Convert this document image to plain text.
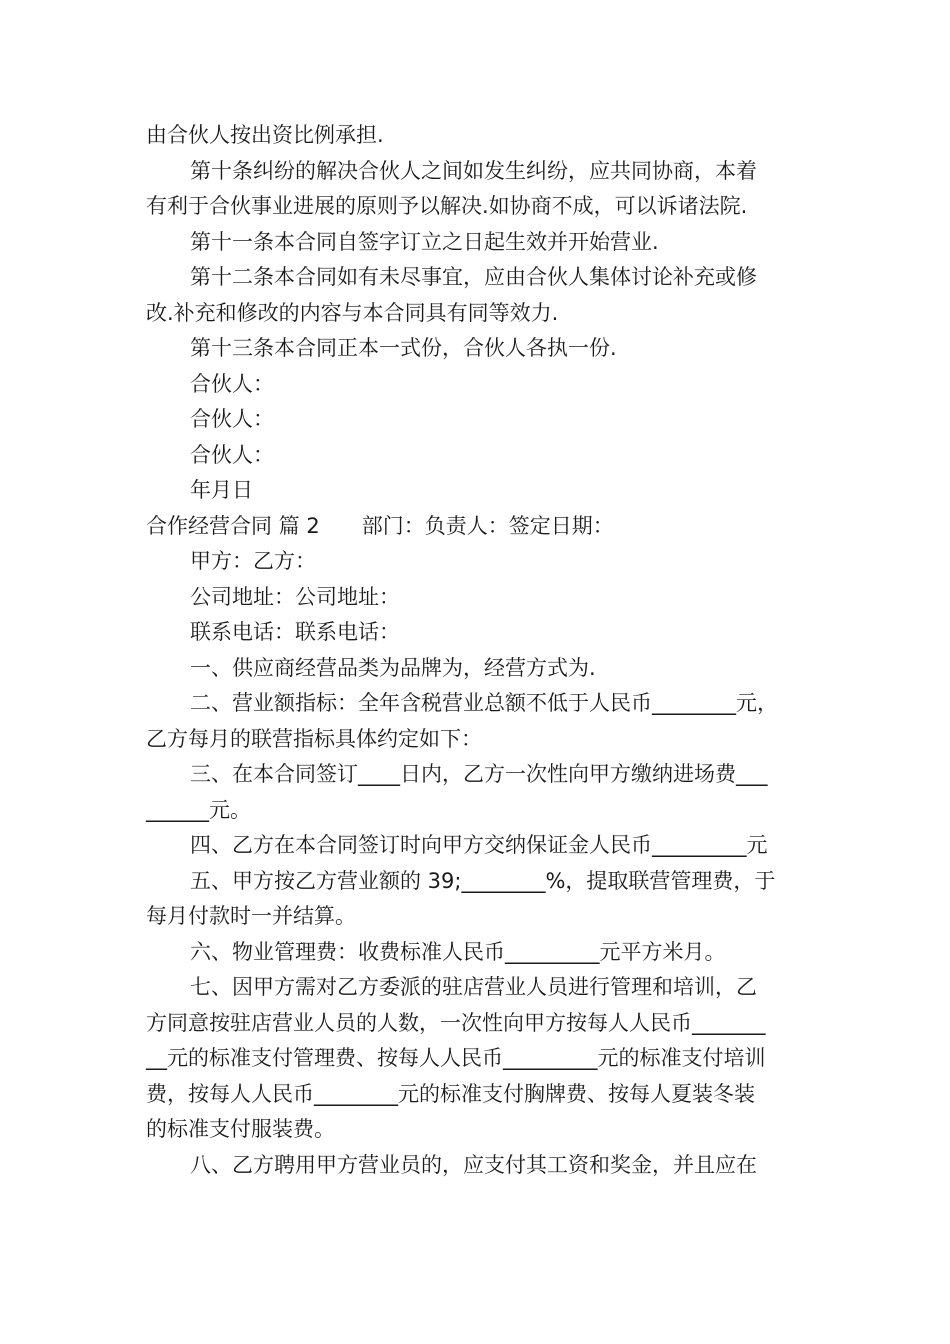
由合伙人按出资比例承担.

第十条纠纷的解决合伙人之间如发生纠纷，应共同协商，本着

有利于合伙事业进展的原则予以解决.如协商不成，可以诉诸法院.

第十一条本合同自签字订立之日起生效并开始营业.

第十二条本合同如有未尽事宜，应由合伙人集体讨论补充或修

改.补充和修改的内容与本合同具有同等效力.

第十三条本合同正本一式份，合伙人各执一份.

合伙人：

合伙人：

合伙人：

年月日

合作经营合同 篇 2　　部门：负责人：签定日期：

甲方：乙方：

公司地址：公司地址：

联系电话：联系电话：

一、供应商经营品类为品牌为，经营方式为.

二、营业额指标：全年含税营业总额不低于人民币________元，

乙方每月的联营指标具体约定如下：

三、在本合同签订____日内，乙方一次性向甲方缴纳进场费___

______元。

四、乙方在本合同签订时向甲方交纳保证金人民币_________元

五、甲方按乙方营业额的 39;________%，提取联营管理费，于

每月付款时一并结算。

六、物业管理费：收费标准人民币_________元平方米月。

七、因甲方需对乙方委派的驻店营业人员进行管理和培训，乙

方同意按驻店营业人员的人数，一次性向甲方按每人人民币_______

__元的标准支付管理费、按每人人民币_________元的标准支付培训

费，按每人人民币________元的标准支付胸牌费、按每人夏装冬装

的标准支付服装费。

八、乙方聘用甲方营业员的，应支付其工资和奖金，并且应在
